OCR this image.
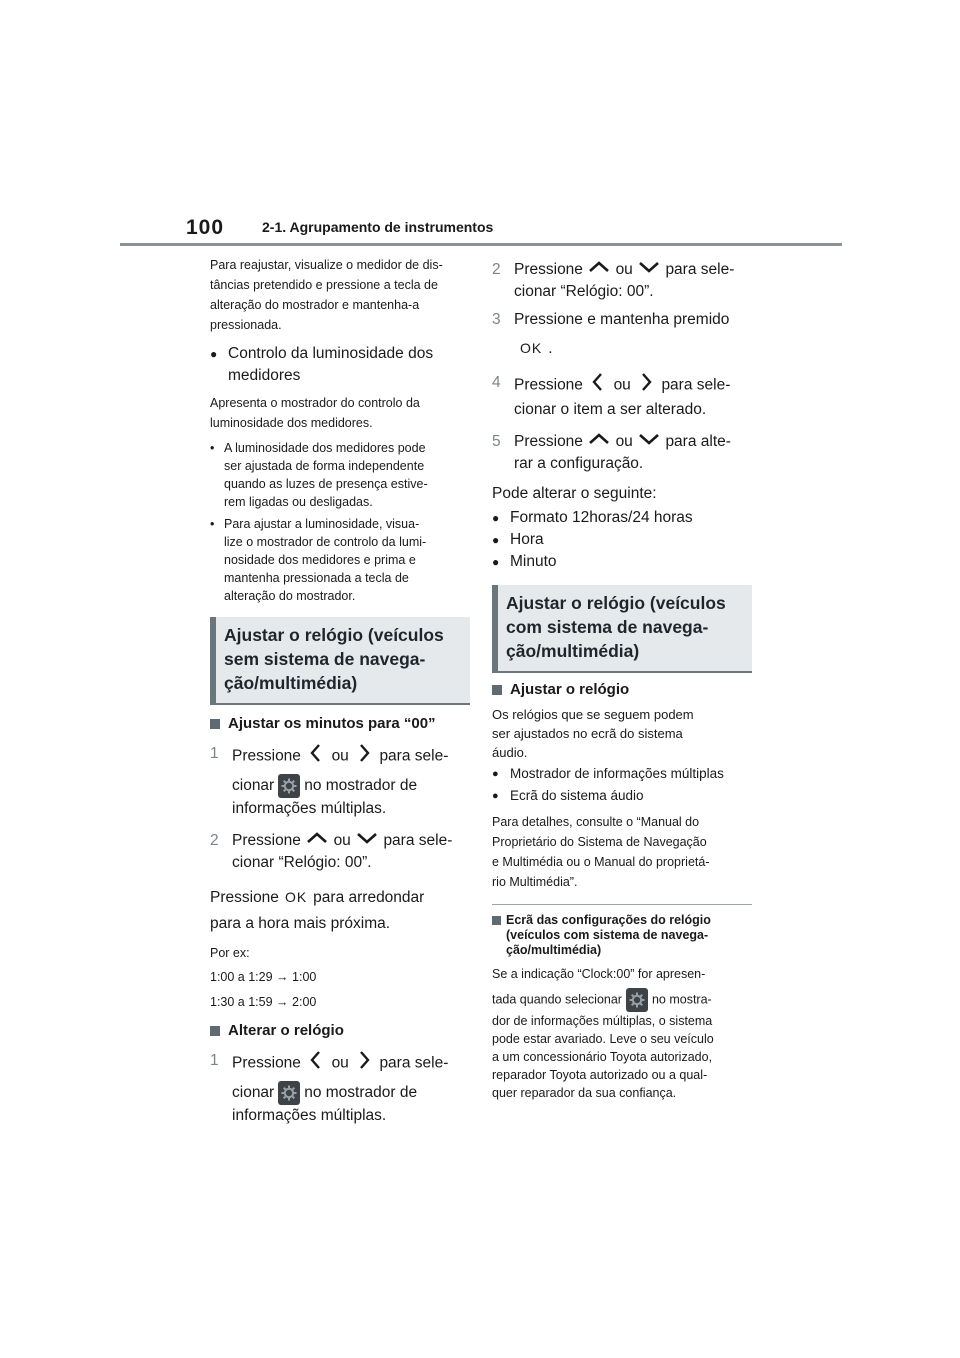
100	2-1. Agrupamento de instrumentos

Para reajustar, visualize o medidor de dis-

tâncias pretendido e pressione a tecla de

alteração do mostrador e mantenha-a

pressionada.

● Controlo da luminosidade dos

medidores

Apresenta o mostrador do controlo da

luminosidade dos medidores.

• A luminosidade dos medidores pode

ser ajustada de forma independente

quando as luzes de presença estive-

rem ligadas ou desligadas.

• Para ajustar a luminosidade, visua-

lize o mostrador de controlo da lumi-

nosidade dos medidores e prima e

mantenha pressionada a tecla de

alteração do mostrador.

Ajustar o relógio (veículos
sem sistema de navega-
ção/multimédia)

Ajustar os minutos para “00”

1 Pressione ou para sele-

cionar no mostrador de

informações múltiplas.

2 Pressione ou para sele-

cionar “Relógio: 00”.

Pressione OK para arredondar

para a hora mais próxima.

Por ex:

1:00 a 1:29 → 1:00

1:30 a 1:59 → 2:00

Alterar o relógio

1 Pressione ou para sele-

cionar no mostrador de

informações múltiplas.

2 Pressione ou para sele-

cionar “Relógio: 00”.

3 Pressione e mantenha premido

OK .

4 Pressione ou para sele-

cionar o item a ser alterado.

5 Pressione ou para alte-

rar a configuração.

Pode alterar o seguinte:

● Formato 12horas/24 horas

● Hora

● Minuto

Ajustar o relógio (veículos
com sistema de navega-
ção/multimédia)

Ajustar o relógio

Os relógios que se seguem podem

ser ajustados no ecrã do sistema

áudio.

● Mostrador de informações múltiplas

● Ecrã do sistema áudio

Para detalhes, consulte o “Manual do

Proprietário do Sistema de Navegação

e Multimédia ou o Manual do proprietá-

rio Multimédia”.

Ecrã das configurações do relógio

(veículos com sistema de navega-

ção/multimédia)

Se a indicação “Clock:00” for apresen-

tada quando selecionar no mostra-

dor de informações múltiplas, o sistema

pode estar avariado. Leve o seu veículo

a um concessionário Toyota autorizado,

reparador Toyota autorizado ou a qual-

quer reparador da sua confiança.
